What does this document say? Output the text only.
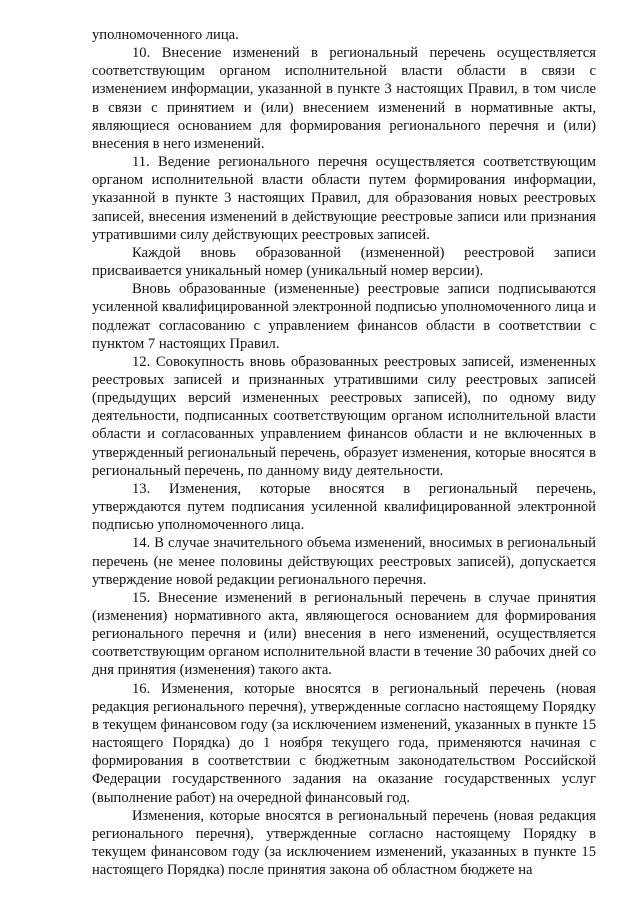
уполномоченного лица.

10. Внесение изменений в региональный перечень осуществляется соответствующим органом исполнительной власти области в связи с изменением информации, указанной в пункте 3 настоящих Правил, в том числе в связи с принятием и (или) внесением изменений в нормативные акты, являющиеся основанием для формирования регионального перечня и (или) внесения в него изменений.

11. Ведение регионального перечня осуществляется соответствующим органом исполнительной власти области путем формирования информации, указанной в пункте 3 настоящих Правил, для образования новых реестровых записей, внесения изменений в действующие реестровые записи или признания утратившими силу действующих реестровых записей.

Каждой вновь образованной (измененной) реестровой записи присваивается уникальный номер (уникальный номер версии).

Вновь образованные (измененные) реестровые записи подписываются усиленной квалифицированной электронной подписью уполномоченного лица и подлежат согласованию с управлением финансов области в соответствии с пунктом 7 настоящих Правил.

12. Совокупность вновь образованных реестровых записей, измененных реестровых записей и признанных утратившими силу реестровых записей (предыдущих версий измененных реестровых записей), по одному виду деятельности, подписанных соответствующим органом исполнительной власти области и согласованных управлением финансов области и не включенных в утвержденный региональный перечень, образует изменения, которые вносятся в региональный перечень, по данному виду деятельности.

13. Изменения, которые вносятся в региональный перечень, утверждаются путем подписания усиленной квалифицированной электронной подписью уполномоченного лица.

14. В случае значительного объема изменений, вносимых в региональный перечень (не менее половины действующих реестровых записей), допускается утверждение новой редакции регионального перечня.

15. Внесение изменений в региональный перечень в случае принятия (изменения) нормативного акта, являющегося основанием для формирования регионального перечня и (или) внесения в него изменений, осуществляется соответствующим органом исполнительной власти в течение 30 рабочих дней со дня принятия (изменения) такого акта.

16. Изменения, которые вносятся в региональный перечень (новая редакция регионального перечня), утвержденные согласно настоящему Порядку в текущем финансовом году (за исключением изменений, указанных в пункте 15 настоящего Порядка) до 1 ноября текущего года, применяются начиная с формирования в соответствии с бюджетным законодательством Российской Федерации государственного задания на оказание государственных услуг (выполнение работ) на очередной финансовый год.

Изменения, которые вносятся в региональный перечень (новая редакция регионального перечня), утвержденные согласно настоящему Порядку в текущем финансовом году (за исключением изменений, указанных в пункте 15 настоящего Порядка) после принятия закона об областном бюджете на
